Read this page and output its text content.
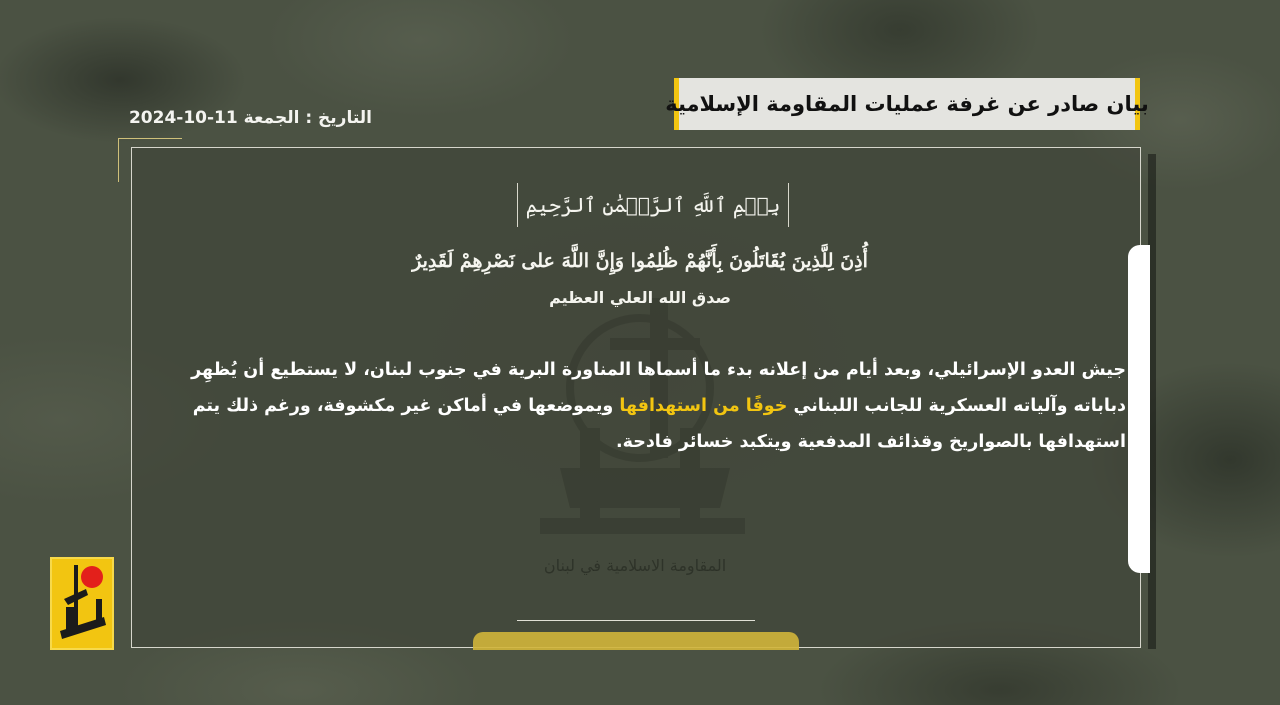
بيان صادر عن غرفة عمليات المقاومة الإسلامية
التاريخ : الجمعة 2024-10-11
المقاومة الاسلامية في لبنان
بِسۡمِ ٱللَّهِ ٱلرَّحۡمَٰنِ ٱلرَّحِيمِ
أُذِنَ لِلَّذِينَ يُقَاتَلُونَ بِأَنَّهُمْ ظُلِمُوا وَإِنَّ اللَّهَ على نَصْرِهِمْ لَقَدِيرٌ
صدق الله العلي العظيم
جيش العدو الإسرائيلي، وبعد أيام من إعلانه بدء ما أسماها المناورة البرية في جنوب لبنان، لا يستطيع أن يُظهِر
دباباته وآلياته العسكرية للجانب اللبناني خوفًا من استهدافها ويموضعها في أماكن غير مكشوفة، ورغم ذلك يتم
استهدافها بالصواريخ وقذائف المدفعية ويتكبد خسائر فادحة.
